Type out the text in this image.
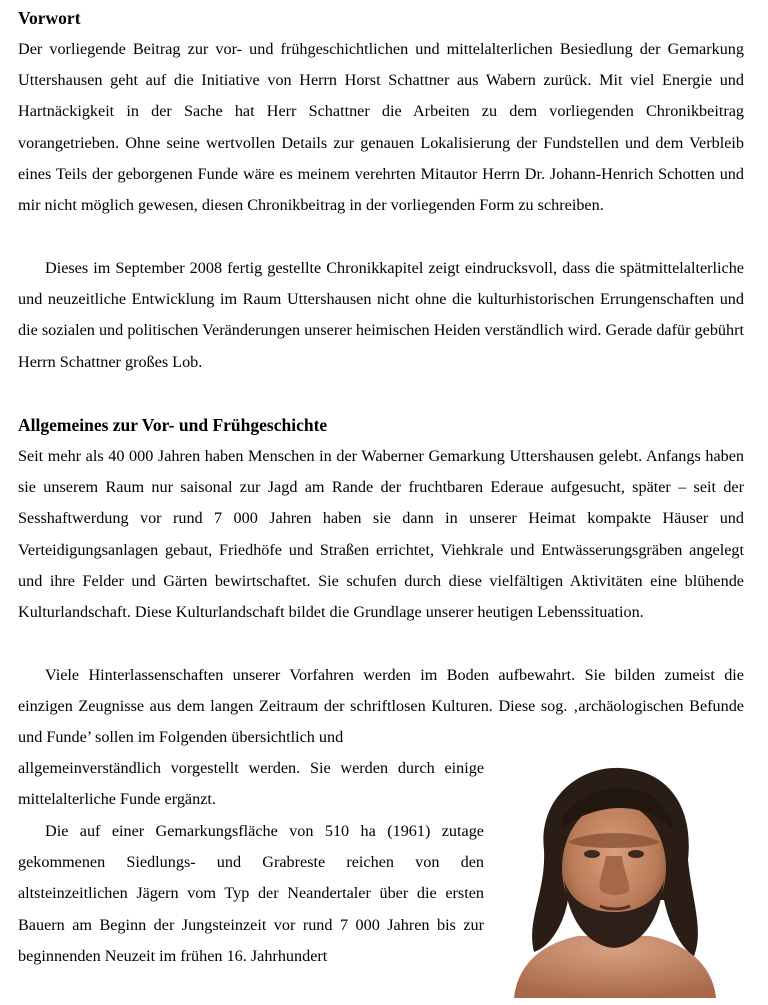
Vorwort

Der vorliegende Beitrag zur vor- und frühgeschichtlichen und mittelalterlichen Besiedlung der Gemarkung Uttershausen geht auf die Initiative von Herrn Horst Schattner aus Wabern zurück. Mit viel Energie und Hartnäckigkeit in der Sache hat Herr Schattner die Arbeiten zu dem vorliegenden Chronikbeitrag vorangetrieben. Ohne seine wertvollen Details zur genauen Lokalisierung der Fundstellen und dem Verbleib eines Teils der geborgenen Funde wäre es meinem verehrten Mitautor Herrn Dr. Johann-Henrich Schotten und mir nicht möglich gewesen, diesen Chronikbeitrag in der vorliegenden Form zu schreiben.

Dieses im September 2008 fertig gestellte Chronikkapitel zeigt eindrucksvoll, dass die spätmittelalterliche und neuzeitliche Entwicklung im Raum Uttershausen nicht ohne die kulturhistorischen Errungenschaften und die sozialen und politischen Veränderungen unserer heimischen Heiden verständlich wird. Gerade dafür gebührt Herrn Schattner großes Lob.

Allgemeines zur Vor- und Frühgeschichte

Seit mehr als 40 000 Jahren haben Menschen in der Waberner Gemarkung Uttershausen gelebt. Anfangs haben sie unserem Raum nur saisonal zur Jagd am Rande der fruchtbaren Ederaue aufgesucht, später – seit der Sesshaftwerdung vor rund 7 000 Jahren haben sie dann in unserer Heimat kompakte Häuser und Verteidigungsanlagen gebaut, Friedhöfe und Straßen errichtet, Viehkrale und Entwässerungsgräben angelegt und ihre Felder und Gärten bewirtschaftet. Sie schufen durch diese vielfältigen Aktivitäten eine blühende Kulturlandschaft. Diese Kulturlandschaft bildet die Grundlage unserer heutigen Lebenssituation.

Viele Hinterlassenschaften unserer Vorfahren werden im Boden aufbewahrt. Sie bilden zumeist die einzigen Zeugnisse aus dem langen Zeitraum der schriftlosen Kulturen. Diese sog. ‚archäologischen Befunde und Funde’ sollen im Folgenden übersichtlich und

allgemeinverständlich vorgestellt werden. Sie werden durch einige mittelalterliche Funde ergänzt.

Die auf einer Gemarkungsfläche von 510 ha (1961) zutage gekommenen Siedlungs- und Grabreste reichen von den altsteinzeitlichen Jägern vom Typ der Neandertaler über die ersten Bauern am Beginn der Jungsteinzeit vor rund 7 000 Jahren bis zur beginnenden Neuzeit im frühen 16. Jahrhundert
